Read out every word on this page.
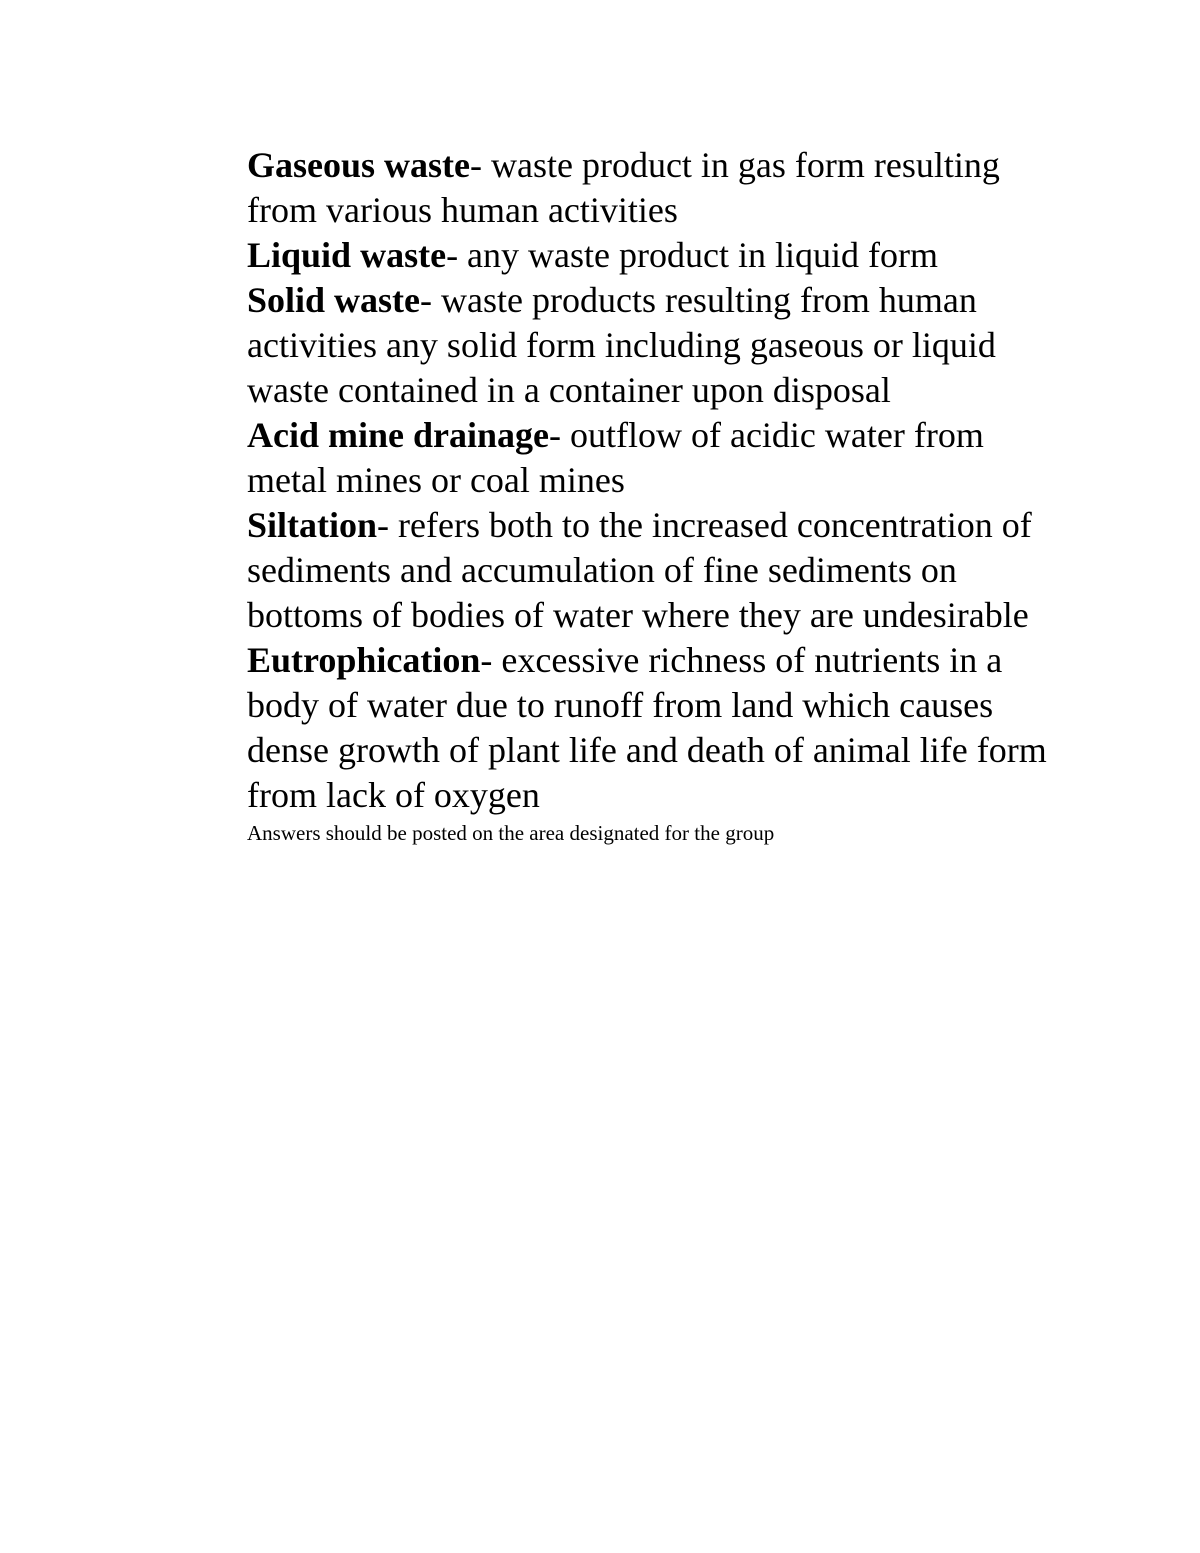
Gaseous waste- waste product in gas form resulting from various human activities

Liquid waste- any waste product in liquid form

Solid waste- waste products resulting from human activities any solid form including gaseous or liquid waste contained in a container upon disposal

Acid mine drainage- outflow of acidic water from metal mines or coal mines

Siltation- refers both to the increased concentration of sediments and accumulation of fine sediments on bottoms of bodies of water where they are undesirable

Eutrophication- excessive richness of nutrients in a body of water due to runoff from land which causes dense growth of plant life and death of animal life form from lack of oxygen

Answers should be posted on the area designated for the group
